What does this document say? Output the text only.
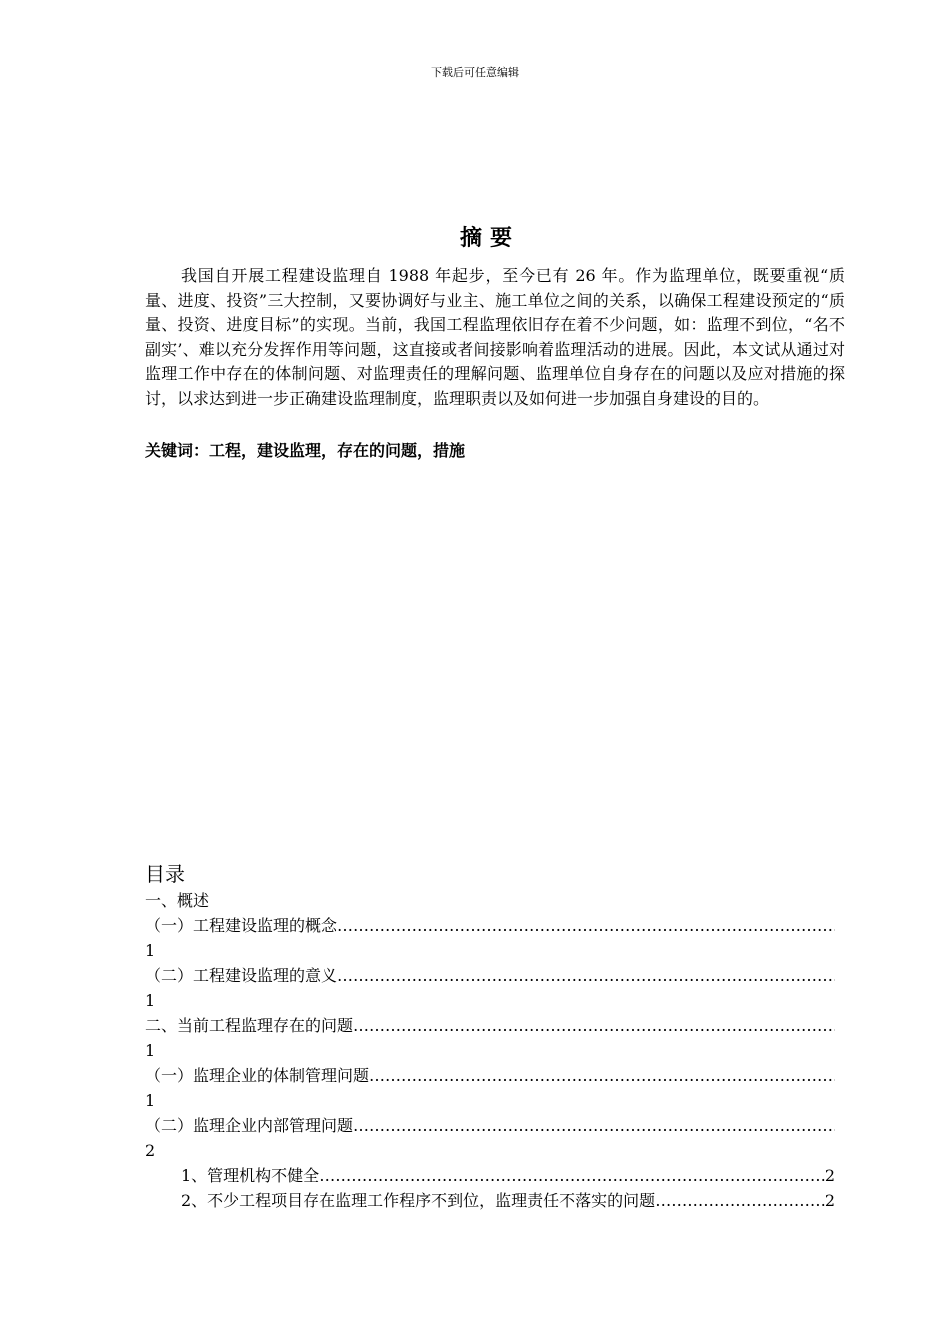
下载后可任意编辑
摘要

我国自开展工程建设监理自 1988 年起步，至今已有 26 年。作为监理单位，既要重视“质量、进度、投资”三大控制，又要协调好与业主、施工单位之间的关系，以确保工程建设预定的“质量、投资、进度目标”的实现。当前，我国工程监理依旧存在着不少问题，如：监理不到位，“名不副实’、难以充分发挥作用等问题，这直接或者间接影响着监理活动的进展。因此，本文试从通过对监理工作中存在的体制问题、对监理责任的理解问题、监理单位自身存在的问题以及应对措施的探讨，以求达到进一步正确建设监理制度，监理职责以及如何进一步加强自身建设的目的。

关键词：工程，建设监理，存在的问题，措施
目录
一、概述
（一）工程建设监理的概念
…………………………………………………………………………………………………………
1
（二）工程建设监理的意义
…………………………………………………………………………………………………………
1
二、当前工程监理存在的问题
…………………………………………………………………………………………………………
1
（一）监理企业的体制管理问题
…………………………………………………………………………………………………………
1
（二）监理企业内部管理问题
…………………………………………………………………………………………………………
2
1、管理机构不健全 …………………………………………………………………………………………………………	2
2、不少工程项目存在监理工作程序不到位，监理责任不落实的问题 …………………………………………………………………………………………………………	2
